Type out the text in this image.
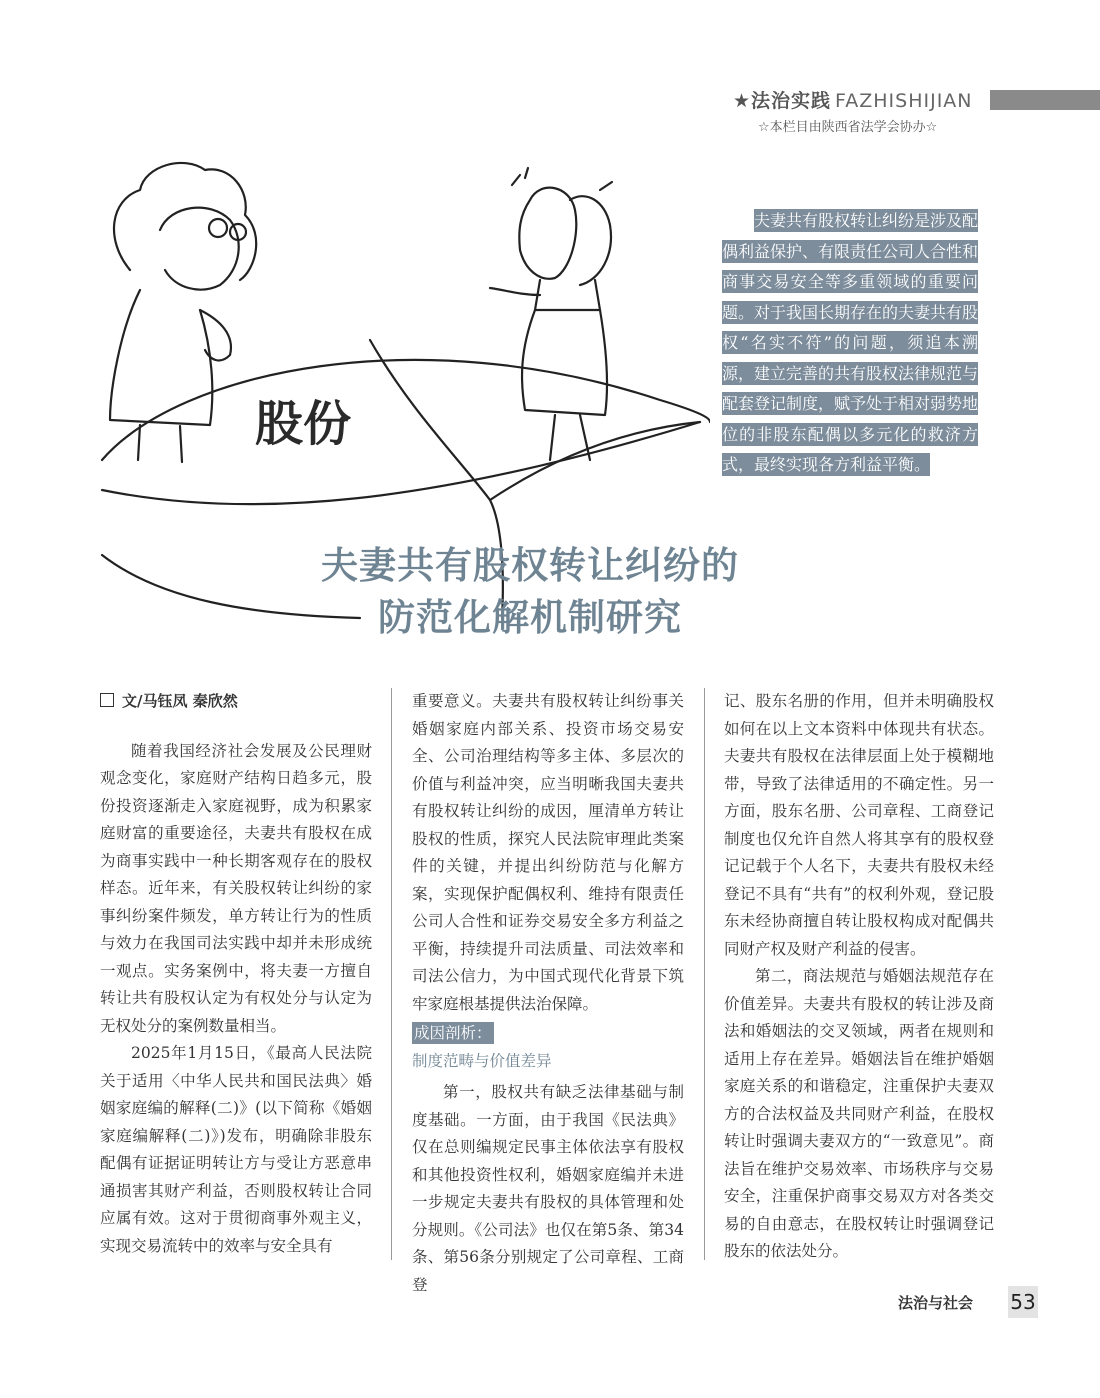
★法治实践 FAZHISHIJIAN
☆本栏目由陕西省法学会协办☆
股份

  夫妻共有股权转让纠纷是涉及配偶利益保护、有限责任公司人合性和商事交易安全等多重领域的重要问题。对于我国长期存在的夫妻共有股权“名实不符”的问题，须追本溯源，建立完善的共有股权法律规范与配套登记制度，赋予处于相对弱势地位的非股东配偶以多元化的救济方式，最终实现各方利益平衡。

夫妻共有股权转让纠纷的
防范化解机制研究

文/马钰凤 秦欣然

随着我国经济社会发展及公民理财观念变化，家庭财产结构日趋多元，股份投资逐渐走入家庭视野，成为积累家庭财富的重要途径，夫妻共有股权在成为商事实践中一种长期客观存在的股权样态。近年来，有关股权转让纠纷的家事纠纷案件频发，单方转让行为的性质与效力在我国司法实践中却并未形成统一观点。实务案例中，将夫妻一方擅自转让共有股权认定为有权处分与认定为无权处分的案例数量相当。

2025年1月15日，《最高人民法院关于适用〈中华人民共和国民法典〉婚姻家庭编的解释(二)》(以下简称《婚姻家庭编解释(二)》)发布，明确除非股东配偶有证据证明转让方与受让方恶意串通损害其财产利益，否则股权转让合同应属有效。这对于贯彻商事外观主义，实现交易流转中的效率与安全具有

重要意义。夫妻共有股权转让纠纷事关婚姻家庭内部关系、投资市场交易安全、公司治理结构等多主体、多层次的价值与利益冲突，应当明晰我国夫妻共有股权转让纠纷的成因，厘清单方转让股权的性质，探究人民法院审理此类案件的关键，并提出纠纷防范与化解方案，实现保护配偶权利、维持有限责任公司人合性和证券交易安全多方利益之平衡，持续提升司法质量、司法效率和司法公信力，为中国式现代化背景下筑牢家庭根基提供法治保障。

成因剖析：

制度范畴与价值差异

第一，股权共有缺乏法律基础与制度基础。一方面，由于我国《民法典》仅在总则编规定民事主体依法享有股权和其他投资性权利，婚姻家庭编并未进一步规定夫妻共有股权的具体管理和处分规则。《公司法》也仅在第5条、第34条、第56条分别规定了公司章程、工商登

记、股东名册的作用，但并未明确股权如何在以上文本资料中体现共有状态。夫妻共有股权在法律层面上处于模糊地带，导致了法律适用的不确定性。另一方面，股东名册、公司章程、工商登记制度也仅允许自然人将其享有的股权登记记载于个人名下，夫妻共有股权未经登记不具有“共有”的权利外观，登记股东未经协商擅自转让股权构成对配偶共同财产权及财产利益的侵害。

第二，商法规范与婚姻法规范存在价值差异。夫妻共有股权的转让涉及商法和婚姻法的交叉领域，两者在规则和适用上存在差异。婚姻法旨在维护婚姻家庭关系的和谐稳定，注重保护夫妻双方的合法权益及共同财产利益，在股权转让时强调夫妻双方的“一致意见”。商法旨在维护交易效率、市场秩序与交易安全，注重保护商事交易双方对各类交易的自由意志，在股权转让时强调登记股东的依法处分。

法治与社会 53
